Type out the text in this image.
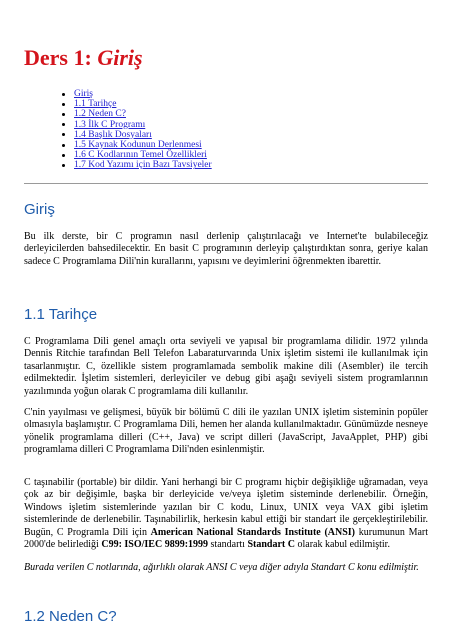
Ders 1: Giriş
Giriş
1.1 Tarihçe
1.2 Neden C?
1.3 İlk C Programı
1.4 Başlık Dosyaları
1.5 Kaynak Kodunun Derlenmesi
1.6 C Kodlarının Temel Özellikleri
1.7 Kod Yazımı için Bazı Tavsiyeler
Giriş

Bu ilk derste, bir C programın nasıl derlenip çalıştırılacağı ve Internet'te bulabileceğiz derleyicilerden bahsedilecektir. En basit C programının derleyip çalıştırdıktan sonra, geriye kalan sadece C Programlama Dili'nin kurallarını, yapısını ve deyimlerini öğrenmekten ibarettir.

1.1 Tarihçe

C Programlama Dili genel amaçlı orta seviyeli ve yapısal bir programlama dilidir. 1972 yılında Dennis Ritchie tarafından Bell Telefon Labaraturvarında Unix işletim sistemi ile kullanılmak için tasarlanmıştır. C, özellikle sistem programlamada sembolik makine dili (Asembler) ile tercih edilmektedir. İşletim sistemleri, derleyiciler ve debug gibi aşağı seviyeli sistem programlarının yazılımında yoğun olarak C programlama dili kullanılır.

C'nin yayılması ve gelişmesi, büyük bir bölümü C dili ile yazılan UNIX işletim sisteminin popüler olmasıyla başlamıştır. C Programlama Dili, hemen her alanda kullanılmaktadır. Günümüzde nesneye yönelik programlama dilleri (C++, Java) ve script dilleri (JavaScript, JavaApplet, PHP) gibi programlama dilleri C Programlama Dili'nden esinlenmiştir.

C taşınabilir (portable) bir dildir. Yani herhangi bir C programı hiçbir değişikliğe uğramadan, veya çok az bir değişimle, başka bir derleyicide ve/veya işletim sisteminde derlenebilir. Örneğin, Windows işletim sistemlerinde yazılan bir C kodu, Linux, UNIX veya VAX gibi işletim sistemlerinde de derlenebilir. Taşınabilirlik, herkesin kabul ettiği bir standart ile gerçekleştirilebilir. Bugün, C Programla Dili için American National Standards Institute (ANSI) kurumunun Mart 2000'de belirlediği C99: ISO/IEC 9899:1999 standartı Standart C olarak kabul edilmiştir.

Burada verilen C notlarında, ağırlıklı olarak ANSI C veya diğer adıyla Standart C konu edilmiştir.

1.2 Neden C?
